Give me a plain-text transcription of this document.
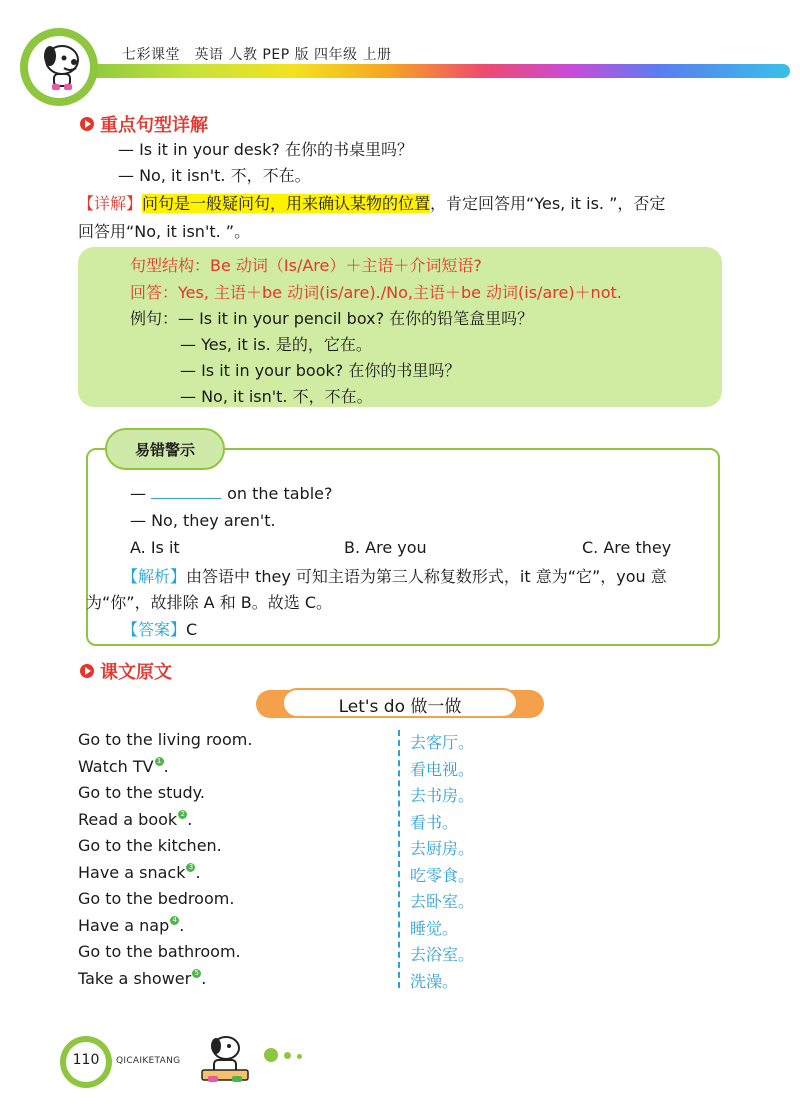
七彩课堂　英语 人教 PEP 版 四年级 上册
重点句型详解
— Is it in your desk? 在你的书桌里吗？
— No, it isn't. 不，不在。
【详解】问句是一般疑问句，用来确认某物的位置，肯定回答用“Yes, it is. ”，否定
回答用“No, it isn't. ”。
句型结构：Be 动词（Is/Are）＋主语＋介词短语?
回答：Yes, 主语＋be 动词(is/are)./No,主语＋be 动词(is/are)＋not.
例句：— Is it in your pencil box? 在你的铅笔盒里吗？
— Yes, it is. 是的，它在。
— Is it in your book? 在你的书里吗？
— No, it isn't. 不，不在。
易错警示
—	on the table?
— No, they aren't.
A. Is it	B. Are you	C. Are they
【解析】由答语中 they 可知主语为第三人称复数形式，it 意为“它”，you 意
为“你”，故排除 A 和 B。故选 C。
【答案】C
课文原文
Let's do 做一做
Go to the living room.	去客厅。
Watch TV 1 .	看电视。
Go to the study.	去书房。
Read a book 2 .	看书。
Go to the kitchen.	去厨房。
Have a snack 3 .	吃零食。
Go to the bedroom.	去卧室。
Have a nap 4 .	睡觉。
Go to the bathroom.	去浴室。
Take a shower 5 .	洗澡。
110	QICAIKETANG
